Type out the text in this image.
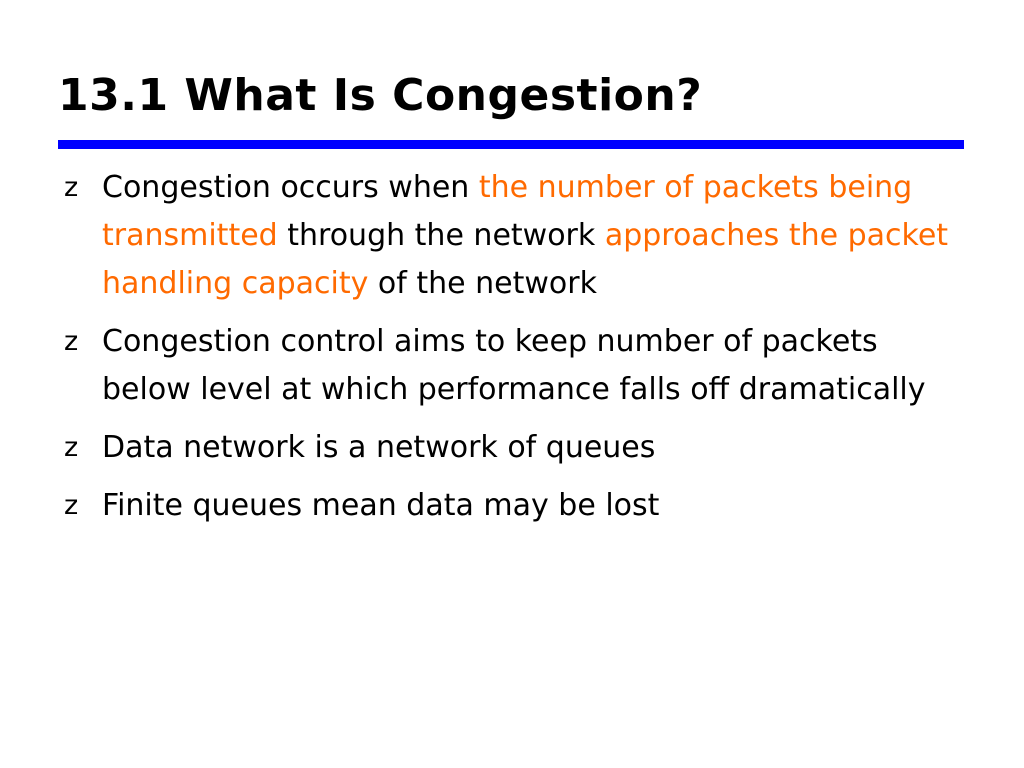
13.1 What Is Congestion?
z Congestion occurs when the number of packets being transmitted through the network approaches the packet handling capacity of the network
z Congestion control aims to keep number of packets below level at which performance falls off dramatically
z Data network is a network of queues
z Finite queues mean data may be lost
